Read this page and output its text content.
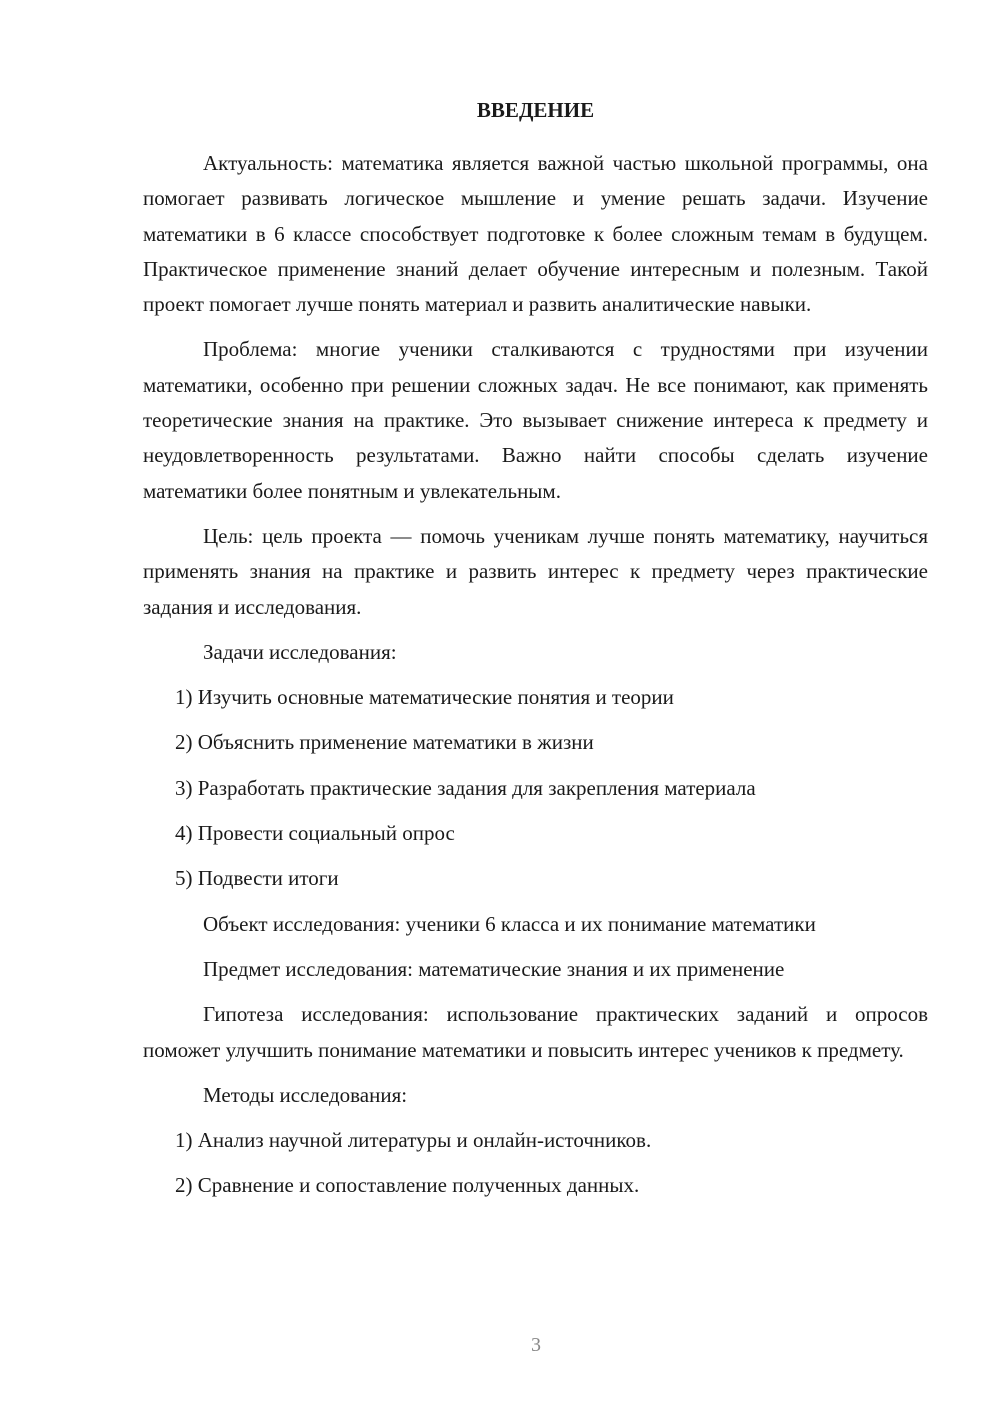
ВВЕДЕНИЕ

Актуальность: математика является важной частью школьной программы, она помогает развивать логическое мышление и умение решать задачи. Изучение математики в 6 классе способствует подготовке к более сложным темам в будущем. Практическое применение знаний делает обучение интересным и полезным. Такой проект помогает лучше понять материал и развить аналитические навыки.

Проблема: многие ученики сталкиваются с трудностями при изучении математики, особенно при решении сложных задач. Не все понимают, как применять теоретические знания на практике. Это вызывает снижение интереса к предмету и неудовлетворенность результатами. Важно найти способы сделать изучение математики более понятным и увлекательным.

Цель: цель проекта — помочь ученикам лучше понять математику, научиться применять знания на практике и развить интерес к предмету через практические задания и исследования.

Задачи исследования:
1) Изучить основные математические понятия и теории
2) Объяснить применение математики в жизни
3) Разработать практические задания для закрепления материала
4) Провести социальный опрос
5) Подвести итоги
Объект исследования: ученики 6 класса и их понимание математики
Предмет исследования: математические знания и их применение

Гипотеза исследования: использование практических заданий и опросов поможет улучшить понимание математики и повысить интерес учеников к предмету.

Методы исследования:
1) Анализ научной литературы и онлайн-источников.
2) Сравнение и сопоставление полученных данных.
3
